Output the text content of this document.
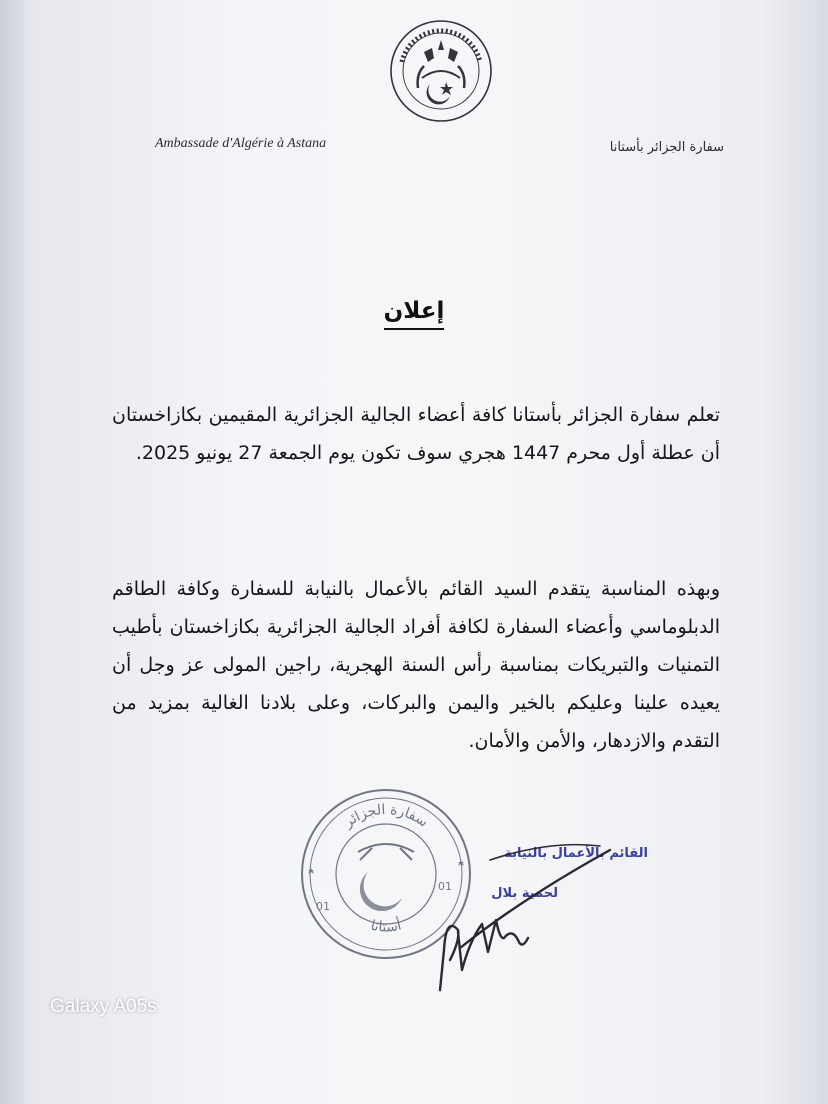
Ambassade d'Algérie à Astana	سفارة الجزائر بأستانا
إعلان

تعلم سفارة الجزائر بأستانا كافة أعضاء الجالية الجزائرية المقيمين بكازاخستان أن عطلة أول محرم 1447 هجري سوف تكون يوم الجمعة 27 يونيو 2025.

وبهذه المناسبة يتقدم السيد القائم بالأعمال بالنيابة للسفارة وكافة الطاقم الدبلوماسي وأعضاء السفارة لكافة أفراد الجالية الجزائرية بكازاخستان بأطيب التمنيات والتبريكات بمناسبة رأس السنة الهجرية، راجين المولى عز وجل أن يعيده علينا وعليكم بالخير واليمن والبركات، وعلى بلادنا الغالية بمزيد من التقدم والازدهار، والأمن والأمان.

سفارة الجزائر
أستانا
01
01
القائم بالأعمال بالنيابة
لحمية بلال
Galaxy A05s
